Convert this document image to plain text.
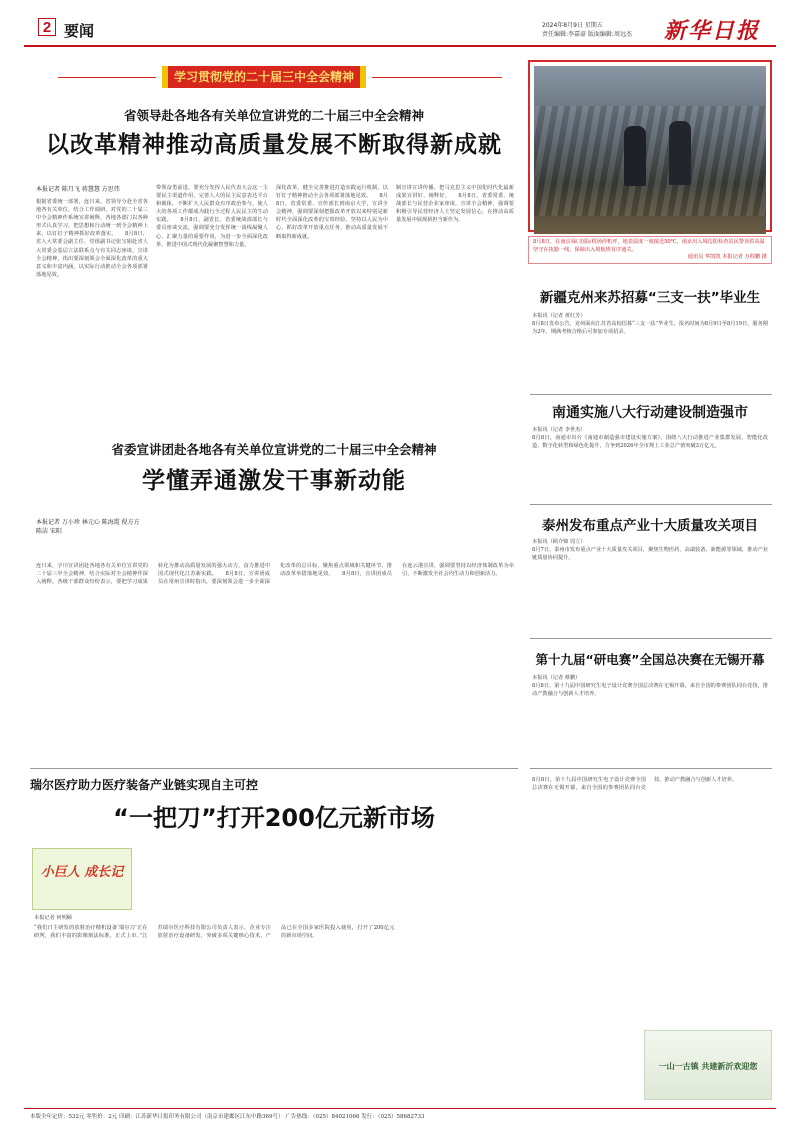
2 要闻	2024年8月9日 星期五
责任编辑:李嘉豪 版面编辑:周远杰 新华日报
学习贯彻党的二十届三中全会精神
省领导赴各地各有关单位宣讲党的二十届三中全会精神
以改革精神推动高质量发展不断取得新成就
本报记者 陈月飞 蒋慧慧 方思伟
根据省委统一部署，连日来，省领导分赴全省各地各有关单位，结合工作调研，对党的二十届三中全会精神作系统宣讲阐释。各地各部门以各种形式认真学习，把思想和行动统一到全会精神上来，以钉钉子精神抓好改革落实。　　8月8日，省人大常委会副主任、党组副书记张宝娟赴省人大常委会基层立法联系点与有关同志座谈，宣讲全会精神，指出要深刻领会全面深化改革的重大意义和丰富内涵，以实际行动推动全会各项部署落地见效。
带领奋勇前进。要充分发挥人民代表大会这一主要民主渠道作用，完善人大的民主民意表达平台和载体，不断扩大人民群众有序政治参与，使人大的各项工作都成为践行全过程人民民主的生动实践。　　8月8日，副省长、省委统战部部长与委员座谈交流，强调要充分发挥统一战线凝聚人心、汇聚力量的重要作用，为进一步全面深化改革、推进中国式现代化凝聚智慧和力量。
深化改革，健全完善推进打造实践运行机制，以钉钉子精神推动全会各项部署落地见效。　　8月8日，省委常委、宣传部长到南京大学，宣讲全会精神，强调要深刻把握改革开放以来特别是新时代全面深化改革的宝贵经验，坚持以人民为中心，抓好改革开放重点任务，推动高质量发展不断取得新成就。
制宣讲宣讲传播，把马克思主义中国化时代化最新成果宣讲好、阐释好。　　8月8日，省委常委、统战部长与民营企业家座谈，宣讲全会精神，强调要积极引导民营经济人士坚定发展信心，在推动高质量发展中展现新担当新作为。
8月8日，在南京禄口国际机场停机坪，地表温度一度接近50℃，南京出入境边防检查站民警顶着高温坚守在执勤一线，保障出入境航班有序通关。
通讯员 华凯凯 本报记者 万程鹏 摄
新疆克州来苏招募“三支一扶”毕业生
本报讯（记者 黄红芳）
8月8日发布公告，克州面向江苏省高校招募“三支一扶”毕业生，报名时间为8月9日至8月19日，服务期为2年，期满考核合格后可参加专项招录。
南通实施八大行动建设制造强市
本报讯（记者 李世杰）
8月8日，南通市出台《南通市制造强市建设实施方案》，围绕八大行动推进产业集群发展、智能化改造、数字化转型和绿色化提升，力争到2026年全市规上工业总产值突破3万亿元。
泰州发布重点产业十大质量攻关项目
本报讯（顾介锦 周立）
8月7日，泰州市发布重点产业十大质量攻关项目，聚焦生物医药、高端装备、新能源等领域，推动产业链质量协同提升。
第十九届“研电赛”全国总决赛在无锡开幕
本报讯（记者 蔡鹏）
8月8日，第十九届中国研究生电子设计竞赛全国总决赛在无锡开幕，来自全国的参赛团队同台竞技，推动产教融合与创新人才培养。
省委宣讲团赴各地各有关单位宣讲党的二十届三中全会精神
学懂弄通激发干事新动能
本报记者 万小珍 林元心 陈海霞 倪方方 陈洁 宋阳
连日来，宇川宣讲团赴各地各有关单位宣讲党的二十届三中全会精神，结合实际对全会精神作深入阐释。各级干部群众纷纷表示，要把学习成果转化为推动高质量发展的强大动力，奋力推进中国式现代化江苏新实践。　　8月8日，宣讲团成员在常州宣讲时指出，要深刻领会进一步全面深化改革的总目标，聚焦重点领域和关键环节，推动改革举措落地见效。　　8月8日，宣讲团成员在连云港宣讲，强调要坚持以经济体制改革为牵引，不断激发全社会内生动力和创新活力。
瑞尔医疗助力医疗装备产业链实现自主可控
“一把刀”打开200亿元新市场
小巨人 成长记
本报记者 何明颐
“我们日主研发的放射治疗精机设备‘瑞尔刀’正在研判，我们丰富的影像刻法标准，正式上市。”江苏瑞尔医疗科技有限公司负责人表示，企业专注放射治疗设备研发，突破多项关键核心技术，产品已在全国多家医院投入使用，打开了200亿元的新市场空间。
8月8日，第十九届中国研究生电子设计竞赛全国总决赛在无锡开幕，来自全国的参赛团队同台竞技，推动产教融合与创新人才培养。
一山一古镇 共建新沂欢迎您
本版全年定价：532元 零售价：2元 印刷：江苏新华日报印务有限公司（南京市建邺区江东中路369号） 广告热线：（025）84021066 发行：（025）58682733
